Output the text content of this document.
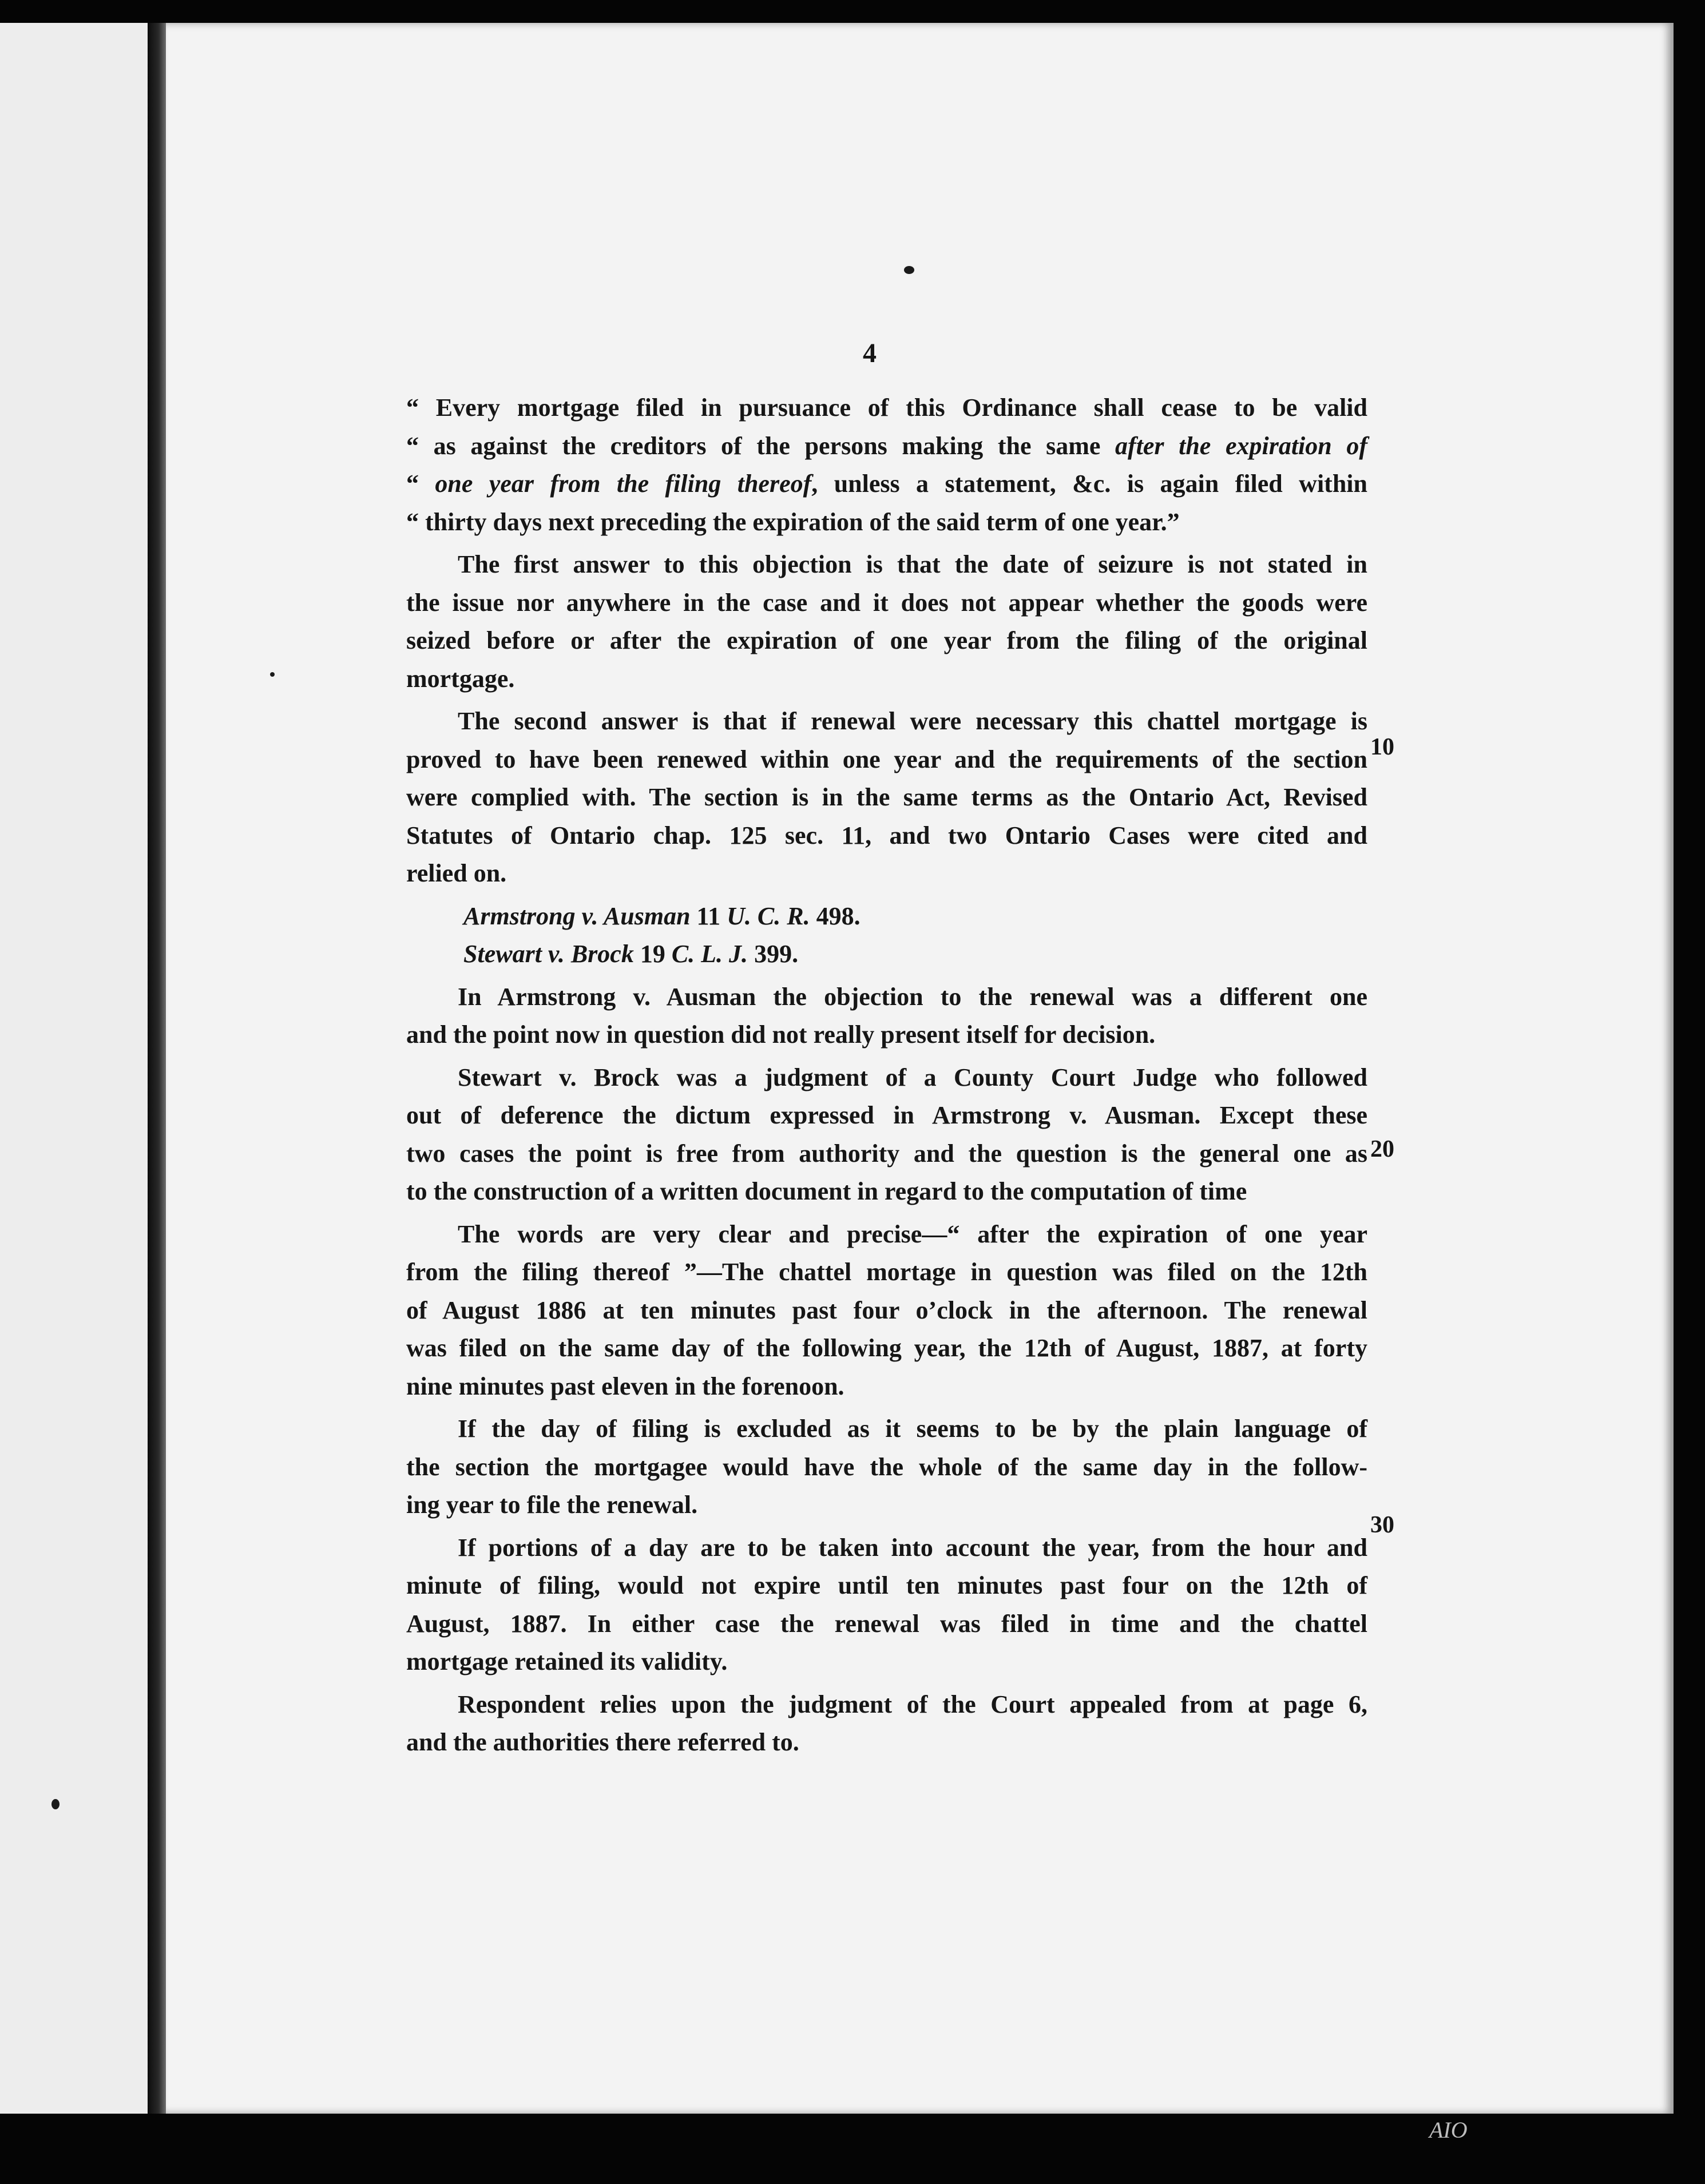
4
“ Every mortgage filed in pursuance of this Ordinance shall cease to be valid
“ as against the creditors of the persons making the same after the expiration of
“ one year from the filing thereof, unless a statement, &c. is again filed within
“ thirty days next preceding the expiration of the said term of one year.”
The first answer to this objection is that the date of seizure is not stated in
the issue nor anywhere in the case and it does not appear whether the goods were
seized before or after the expiration of one year from the filing of the original
mortgage.
The second answer is that if renewal were necessary this chattel mortgage is
proved to have been renewed within one year and the requirements of the section
were complied with. The section is in the same terms as the Ontario Act, Revised
Statutes of Ontario chap. 125 sec. 11, and two Ontario Cases were cited and
relied on.
Armstrong v. Ausman 11 U. C. R. 498.
Stewart v. Brock 19 C. L. J. 399.
In Armstrong v. Ausman the objection to the renewal was a different one
and the point now in question did not really present itself for decision.
Stewart v. Brock was a judgment of a County Court Judge who followed
out of deference the dictum expressed in Armstrong v. Ausman. Except these
two cases the point is free from authority and the question is the general one as
to the construction of a written document in regard to the computation of time
The words are very clear and precise—“ after the expiration of one year
from the filing thereof ”—The chattel mortage in question was filed on the 12th
of August 1886 at ten minutes past four o’clock in the afternoon. The renewal
was filed on the same day of the following year, the 12th of August, 1887, at forty
nine minutes past eleven in the forenoon.
If the day of filing is excluded as it seems to be by the plain language of
the section the mortgagee would have the whole of the same day in the follow-
ing year to file the renewal.
If portions of a day are to be taken into account the year, from the hour and
minute of filing, would not expire until ten minutes past four on the 12th of
August, 1887. In either case the renewal was filed in time and the chattel
mortgage retained its validity.
Respondent relies upon the judgment of the Court appealed from at page 6,
and the authorities there referred to.
10
20
30
AIO
